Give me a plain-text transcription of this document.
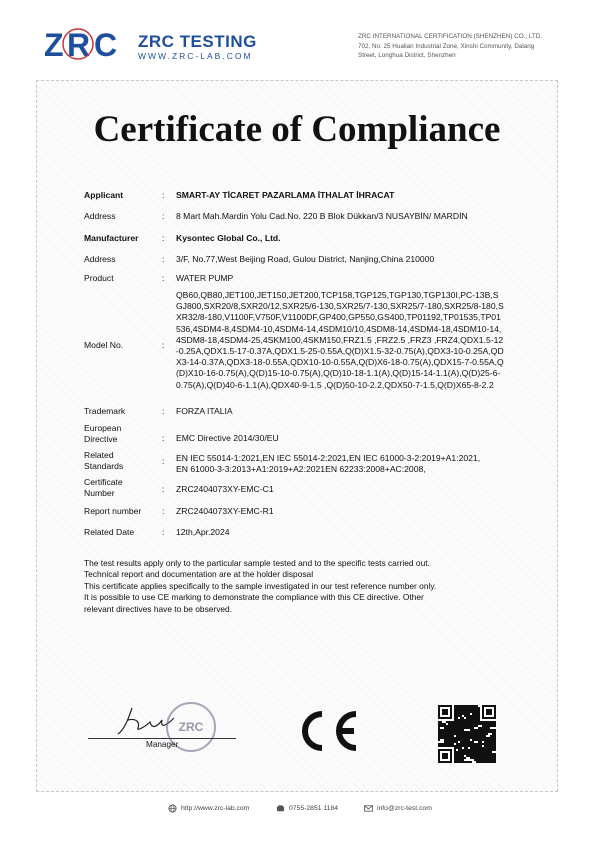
Z R C ZRC TESTING
WWW.ZRC-LAB.COM
ZRC INTERNATIONAL CERTIFICATION (SHENZHEN) CO., LTD.
702, No. 25 Hualian Industrial Zone, Xinshi Community, Dalang
Street, Longhua District, Shenzhen
Certificate of Compliance
Applicant	: SMART-AY TİCARET PAZARLAMA İTHALAT İHRACAT
Address	: 8 Mart Mah.Mardin Yolu Cad.No. 220 B Blok Dükkan/3 NUSAYBİN/ MARDİN
Manufacturer	: Kysontec Global Co., Ltd.
Address	: 3/F, No.77,West Beijing Road, Gulou District, Nanjing,China 210000
Product	: WATER PUMP
Model No.	:
QB60,QB80,JET100,JET150,JET200,TCP158,TGP125,TGP130,TGP130I,PC-13B,S
GJ800,SXR20/8,SXR20/12,SXR25/6-130,SXR25/7-130,SXR25/7-180,SXR25/8-180,S
XR32/8-180,V1100F,V750F,V1100DF,GP400,GP550,GS400,TP01192,TP01535,TP01
536,4SDM4-8,4SDM4-10,4SDM4-14,4SDM10/10,4SDM8-14,4SDM4-18,4SDM10-14,
4SDM8-18,4SDM4-25,4SKM100,4SKM150,FRZ1.5 ,FRZ2.5 ,FRZ3 ,FRZ4,QDX1.5-12
-0.25A,QDX1.5-17-0.37A,QDX1.5-25-0.55A,Q(D)X1.5-32-0.75(A),QDX3-10-0.25A,QD
X3-14-0.37A,QDX3-18-0.55A,QDX10-10-0.55A,Q(D)X6-18-0.75(A),QDX15-7-0.55A,Q
(D)X10-16-0.75(A),Q(D)15-10-0.75(A),Q(D)10-18-1.1(A),Q(D)15-14-1.1(A),Q(D)25-6-
0.75(A),Q(D)40-6-1.1(A),QDX40-9-1.5 ,Q(D)50-10-2.2,QDX50-7-1.5,Q(D)X65-8-2.2
Trademark	: FORZA ITALIA
European
Directive	: EMC Directive 2014/30/EU
Related
Standards	: EN IEC 55014-1:2021,EN IEC 55014-2:2021,EN IEC 61000-3-2:2019+A1:2021,
EN 61000-3-3:2013+A1:2019+A2:2021EN 62233:2008+AC:2008,
Certificate
Number	: ZRC2404073XY-EMC-C1
Report number	: ZRC2404073XY-EMC-R1
Related Date	: 12th,Apr.2024
The test results apply only to the particular sample tested and to the specific tests carried out.
Technical report and documentation are at the holder disposal
This certificate applies specifically to the sample investigated in our test reference number only.
It is possible to use CE marking to demonstrate the compliance with this CE directive. Other
relevant directives have to be observed.
ZRC
Manager
http://www.zrc-lab.com	0755-2851 1184	info@zrc-test.com
